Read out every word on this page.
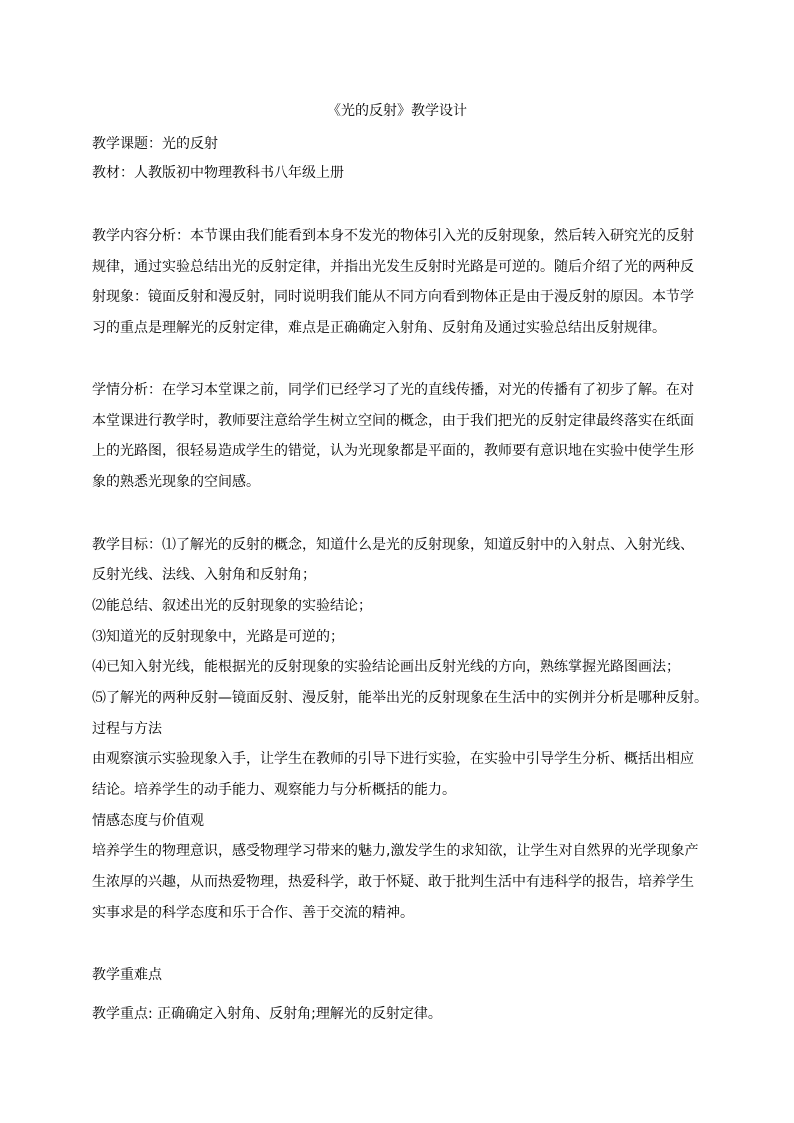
《光的反射》教学设计
教学课题：光的反射
教材：人教版初中物理教科书八年级上册
教学内容分析：本节课由我们能看到本身不发光的物体引入光的反射现象，然后转入研究光的反射
规律，通过实验总结出光的反射定律，并指出光发生反射时光路是可逆的。随后介绍了光的两种反
射现象：镜面反射和漫反射，同时说明我们能从不同方向看到物体正是由于漫反射的原因。本节学
习的重点是理解光的反射定律，难点是正确确定入射角、反射角及通过实验总结出反射规律。
学情分析：在学习本堂课之前，同学们已经学习了光的直线传播，对光的传播有了初步了解。在对
本堂课进行教学时，教师要注意给学生树立空间的概念，由于我们把光的反射定律最终落实在纸面
上的光路图，很轻易造成学生的错觉，认为光现象都是平面的，教师要有意识地在实验中使学生形
象的熟悉光现象的空间感。
教学目标：⑴了解光的反射的概念，知道什么是光的反射现象，知道反射中的入射点、入射光线、
反射光线、法线、入射角和反射角；
⑵能总结、叙述出光的反射现象的实验结论；
⑶知道光的反射现象中，光路是可逆的；
⑷已知入射光线，能根据光的反射现象的实验结论画出反射光线的方向，熟练掌握光路图画法；
⑸了解光的两种反射—镜面反射、漫反射，能举出光的反射现象在生活中的实例并分析是哪种反射。
过程与方法
由观察演示实验现象入手，让学生在教师的引导下进行实验，在实验中引导学生分析、概括出相应
结论。培养学生的动手能力、观察能力与分析概括的能力。
情感态度与价值观
培养学生的物理意识，感受物理学习带来的魅力,激发学生的求知欲，让学生对自然界的光学现象产
生浓厚的兴趣，从而热爱物理，热爱科学，敢于怀疑、敢于批判生活中有违科学的报告，培养学生
实事求是的科学态度和乐于合作、善于交流的精神。
教学重难点
教学重点: 正确确定入射角、反射角;理解光的反射定律。
